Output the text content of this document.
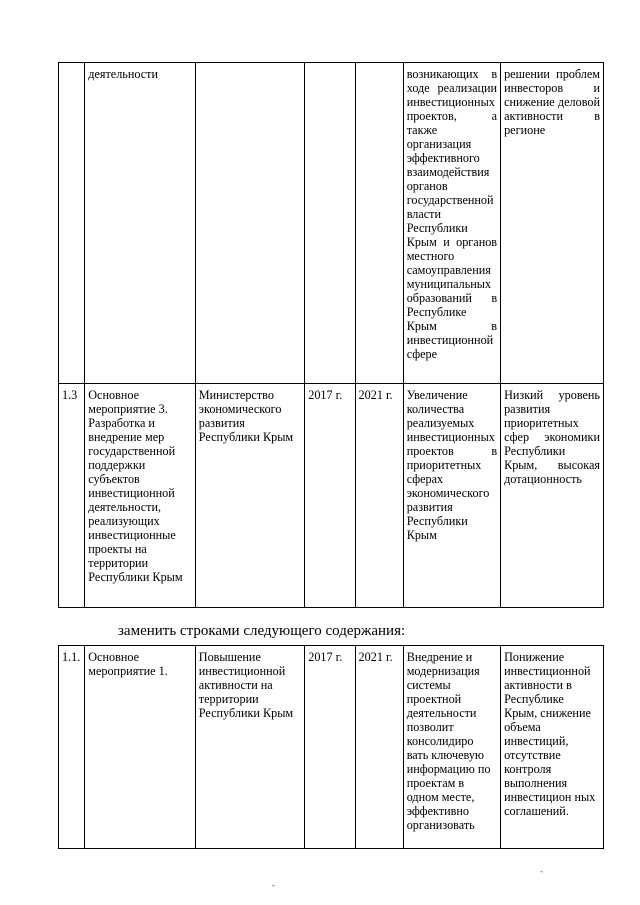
	деятельности				возникающих в ходе реализации инвестиционных проектов, а также организация эффективного взаимодействия органов государственной власти Республики Крым и органов местного самоуправления муниципальных образований в Республике Крым в инвестиционной сфере	решении проблем инвесторов и снижение деловой активности в регионе
1.3	Основное мероприятие 3. Разработка и внедрение мер государственной поддержки субъектов инвестиционной деятельности, реализующих инвестиционные проекты на территории Республики Крым	Министерство экономического развития Республики Крым	2017 г.	2021 г.	Увеличение количества реализуемых инвестиционных проектов в приоритетных сферах экономического развития Республики Крым	Низкий уровень развития приоритетных сфер экономики Республики Крым, высокая дотационность
заменить строками следующего содержания:
1.1.	Основное мероприятие 1.	Повышение инвестиционной активности на территории Республики Крым	2017 г.	2021 г.	Внедрение и модернизация системы проектной деятельности позволит консолидиро вать ключевую информацию по проектам в одном месте, эффективно организовать	Понижение инвестиционной активности в Республике Крым, снижение объема инвестиций, отсутствие контроля выполнения инвестицион ных соглашений.
-
-
